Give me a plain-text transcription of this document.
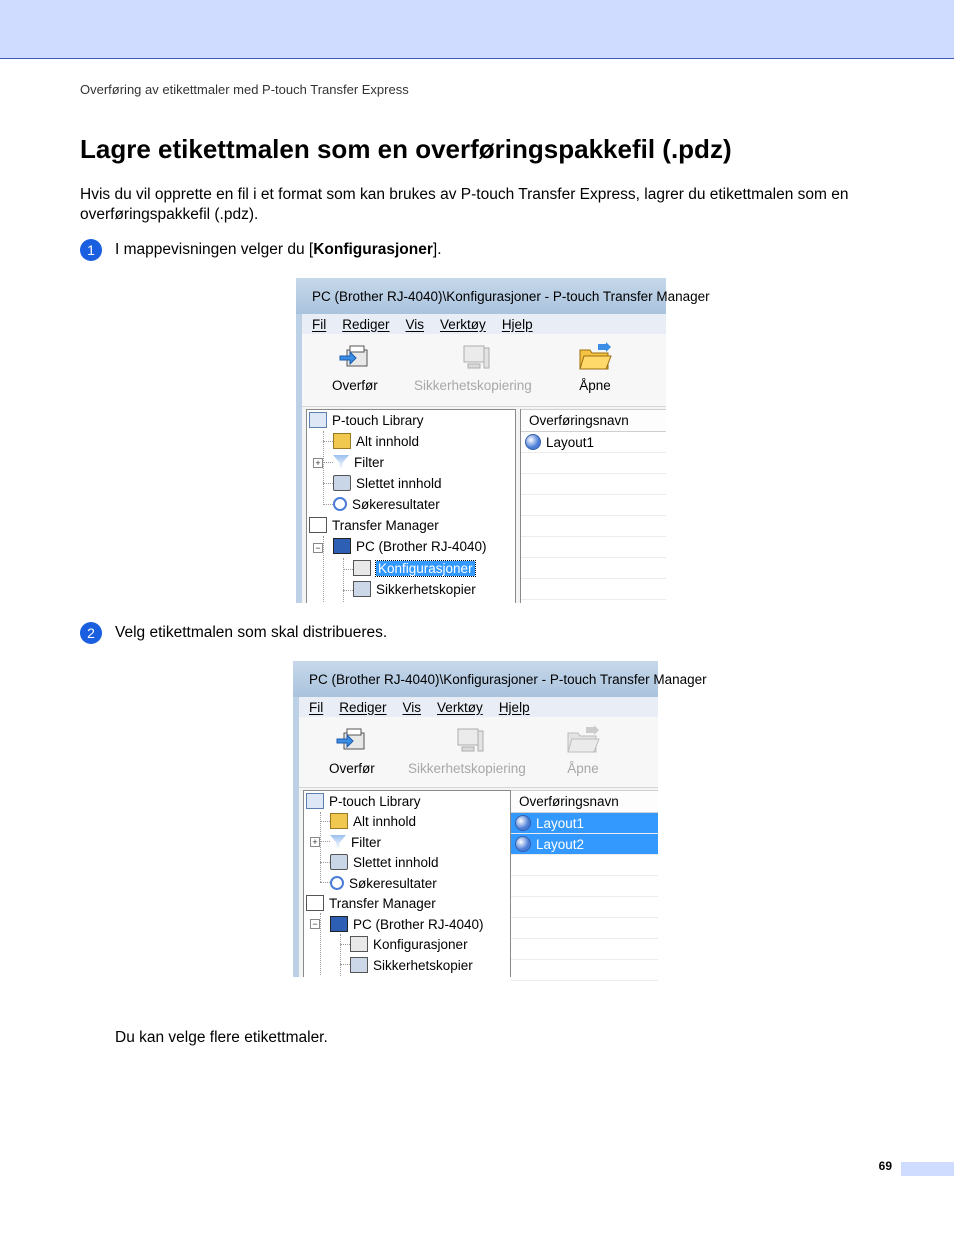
Overføring av etikettmaler med P-touch Transfer Express
Lagre etikettmalen som en overføringspakkefil (.pdz)

Hvis du vil opprette en fil i et format som kan brukes av P-touch Transfer Express, lagrer du etikettmalen som en overføringspakkefil (.pdz).

1	I mappevisningen velger du [Konfigurasjoner].
PC (Brother RJ-4040)\Konfigurasjoner - P-touch Transfer Manager
Fil Rediger Vis Verktøy Hjelp
Overfør	Sikkerhetskopiering	Åpne
+
−
P-touch Library
Alt innhold
Filter
Slettet innhold
Søkeresultater
Transfer Manager
PC (Brother RJ-4040)
Konfigurasjoner
Sikkerhetskopier
Overføringsnavn
Layout1
2	Velg etikettmalen som skal distribueres.
PC (Brother RJ-4040)\Konfigurasjoner - P-touch Transfer Manager
Fil Rediger Vis Verktøy Hjelp
Overfør Sikkerhetskopiering	Åpne
+
−
P-touch Library
Alt innhold
Filter
Slettet innhold
Søkeresultater
Transfer Manager
PC (Brother RJ-4040)
Konfigurasjoner
Sikkerhetskopier
Overføringsnavn
Layout1
Layout2
Du kan velge flere etikettmaler.
69
